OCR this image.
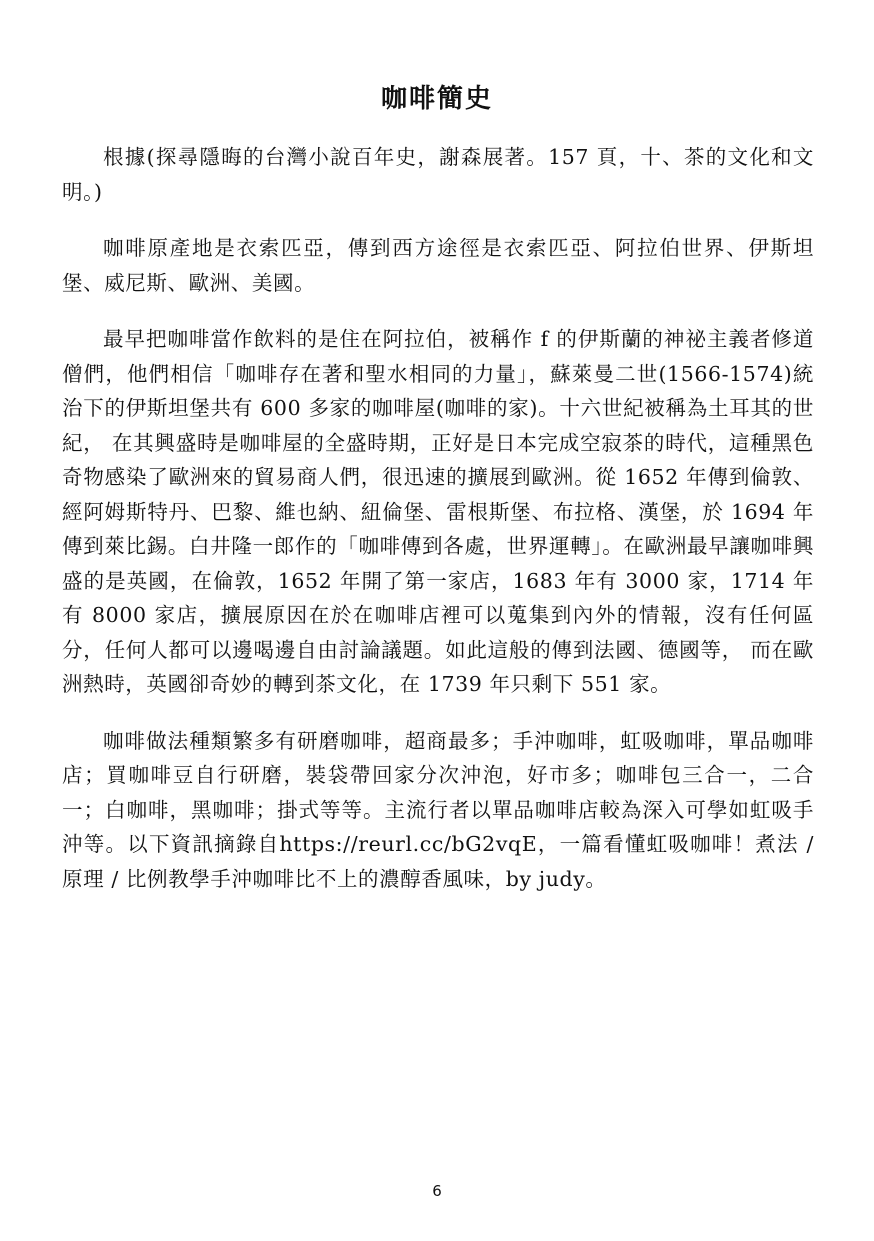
咖啡簡史

根據(探尋隱晦的台灣小說百年史，謝森展著。157 頁，十、茶的文化和文明。)

咖啡原產地是衣索匹亞，傳到西方途徑是衣索匹亞、阿拉伯世界、伊斯坦堡、威尼斯、歐洲、美國。

最早把咖啡當作飲料的是住在阿拉伯，被稱作 f 的伊斯蘭的神祕主義者修道僧們，他們相信「咖啡存在著和聖水相同的力量」，蘇萊曼二世(1566-1574)統治下的伊斯坦堡共有 600 多家的咖啡屋(咖啡的家)。十六世紀被稱為土耳其的世紀， 在其興盛時是咖啡屋的全盛時期，正好是日本完成空寂茶的時代，這種黑色奇物感染了歐洲來的貿易商人們，很迅速的擴展到歐洲。從 1652 年傳到倫敦、經阿姆斯特丹、巴黎、維也納、紐倫堡、雷根斯堡、布拉格、漢堡，於 1694 年傳到萊比錫。白井隆一郎作的「咖啡傳到各處，世界運轉」。在歐洲最早讓咖啡興盛的是英國，在倫敦，1652 年開了第一家店，1683 年有 3000 家，1714 年有 8000 家店，擴展原因在於在咖啡店裡可以蒐集到內外的情報，沒有任何區分，任何人都可以邊喝邊自由討論議題。如此這般的傳到法國、德國等， 而在歐洲熱時，英國卻奇妙的轉到茶文化，在 1739 年只剩下 551 家。

咖啡做法種類繁多有研磨咖啡，超商最多；手沖咖啡，虹吸咖啡，單品咖啡店；買咖啡豆自行研磨，裝袋帶回家分次沖泡，好市多；咖啡包三合一，二合一；白咖啡，黑咖啡；掛式等等。主流行者以單品咖啡店較為深入可學如虹吸手沖等。以下資訊摘錄自https://reurl.cc/bG2vqE，一篇看懂虹吸咖啡！煮法 / 原理 / 比例教學手沖咖啡比不上的濃醇香風味，by judy。

6
